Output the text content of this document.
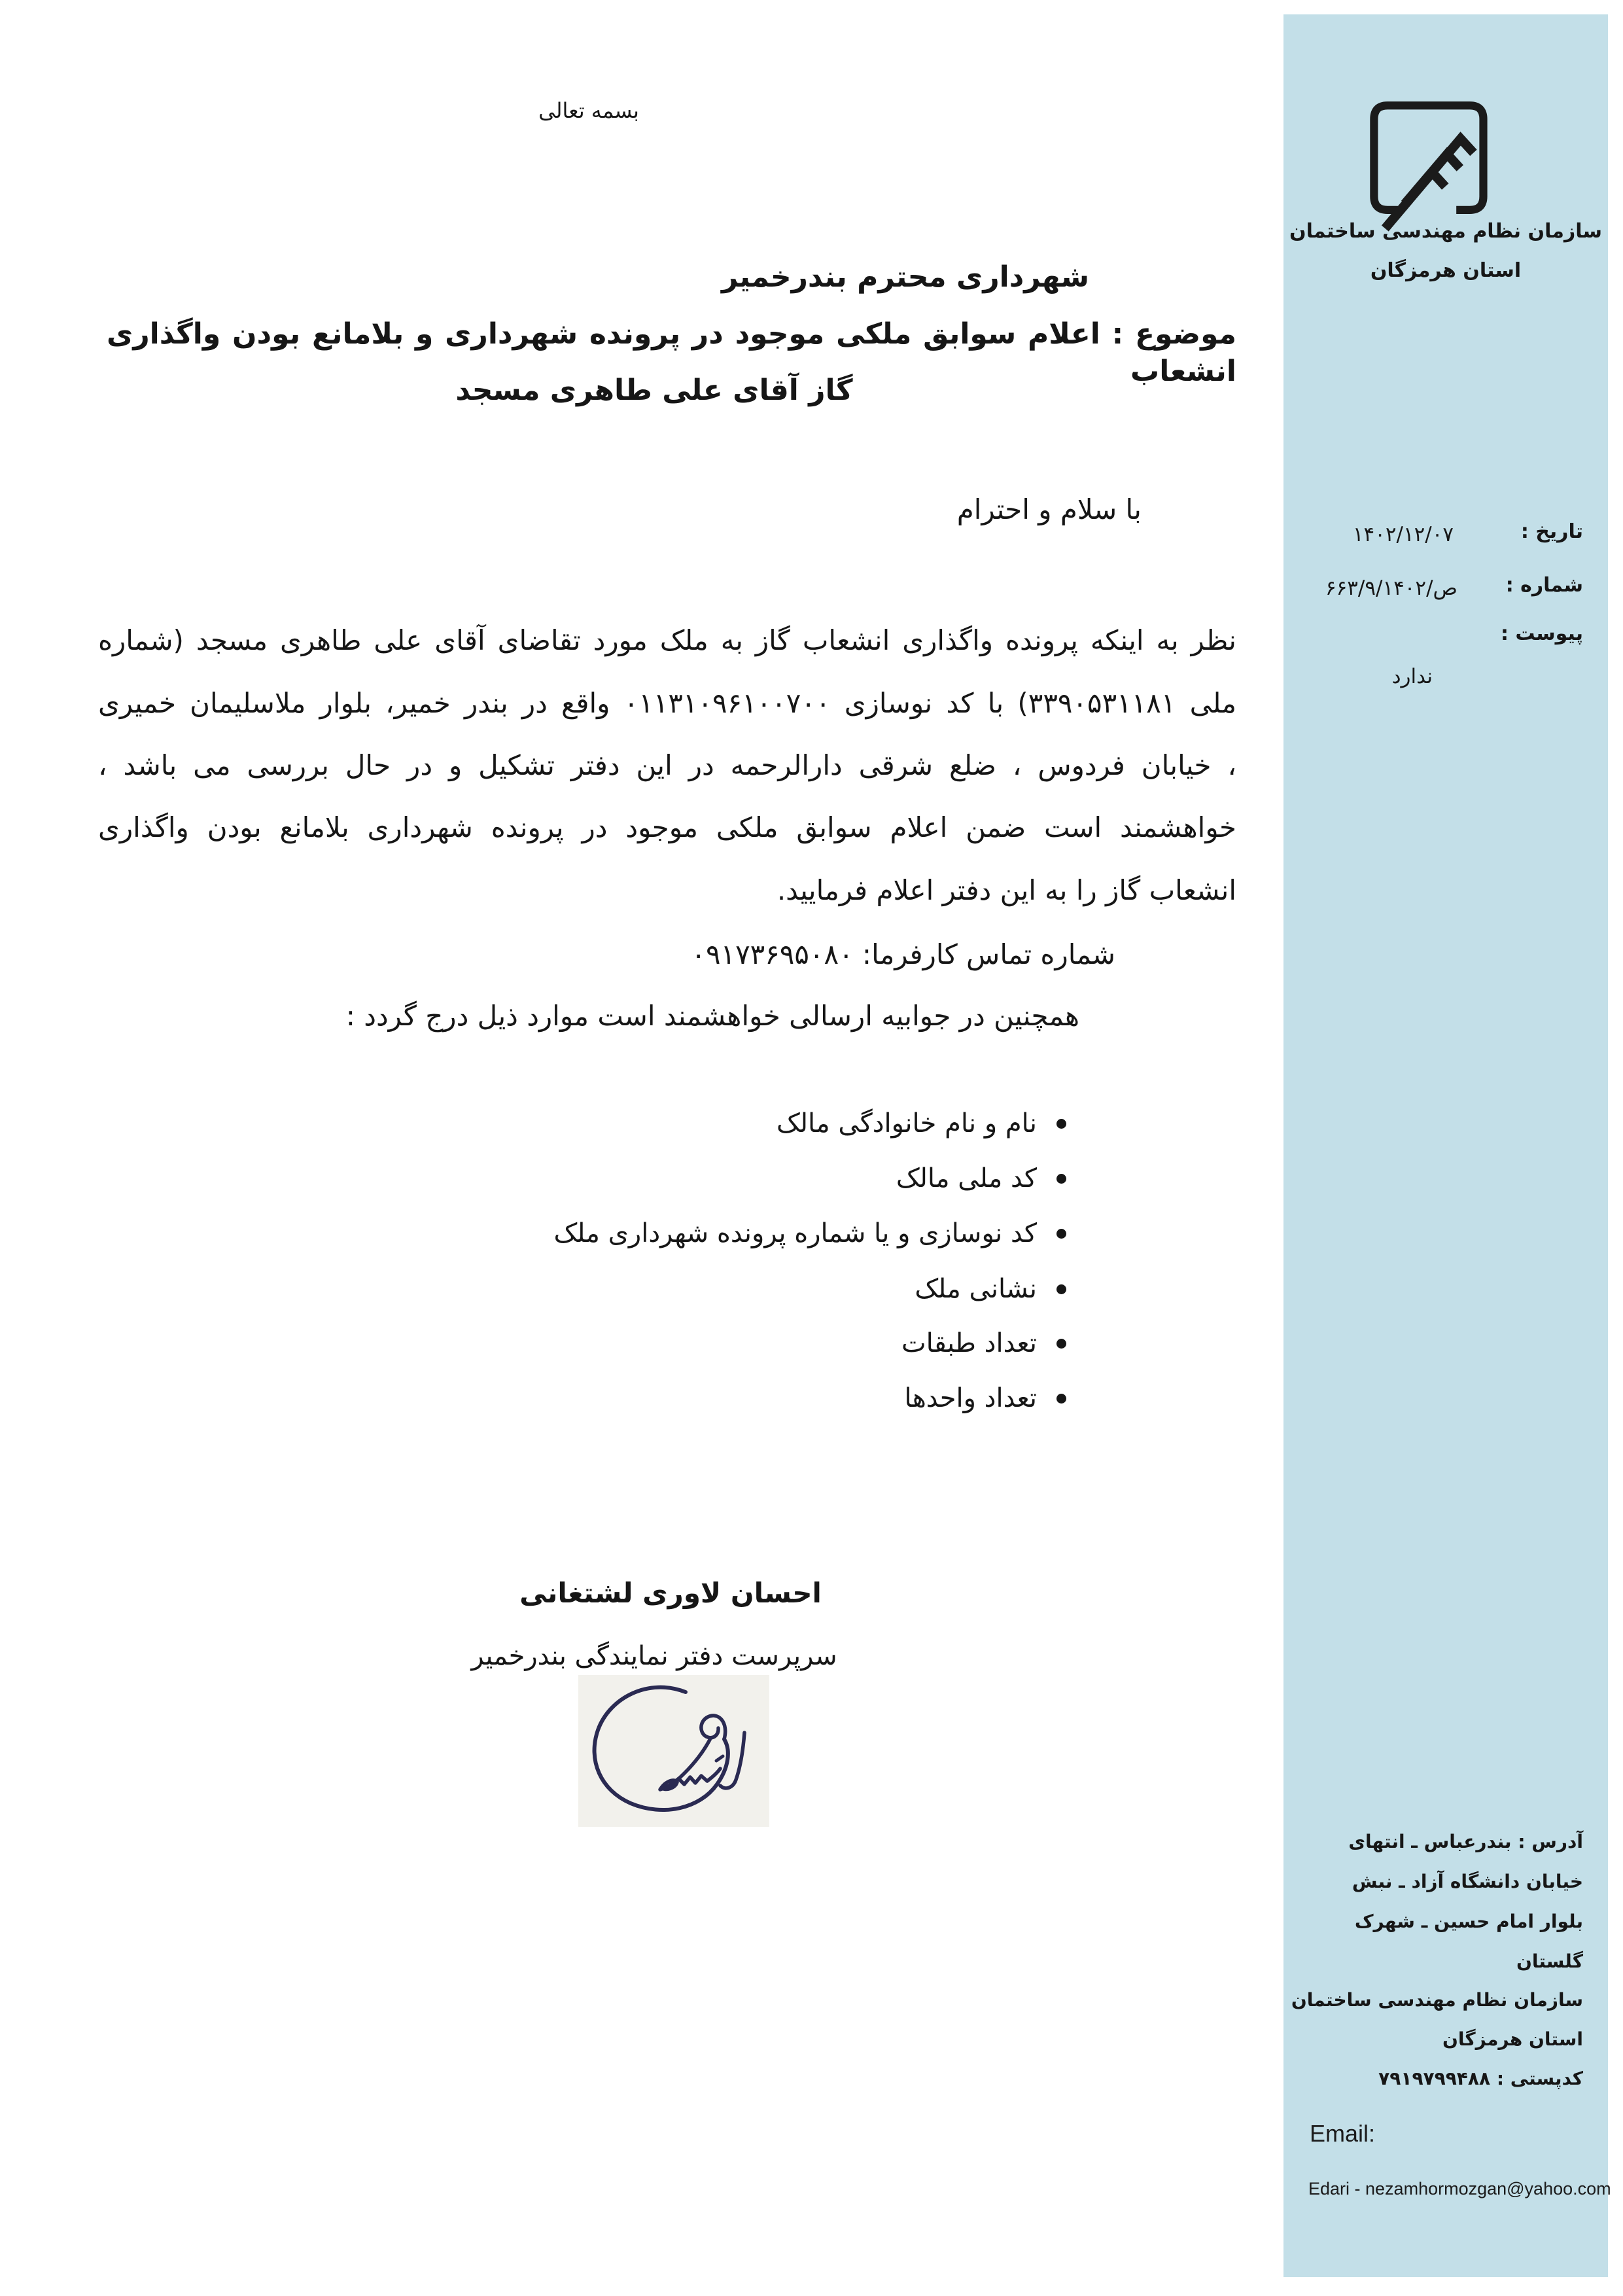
بسمه تعالی
شهرداری محترم بندرخمیر
موضوع : اعلام سوابق ملکی موجود در پرونده شهرداری و بلامانع بودن واگذاری انشعاب
گاز آقای علی طاهری مسجد
با سلام و احترام
نظر به اینکه پرونده واگذاری انشعاب گاز به ملک مورد تقاضای آقای علی طاهری مسجد (شماره
ملی ۳۳۹۰۵۳۱۱۸۱) با کد نوسازی ۰۱۱۳۱۰۹۶۱۰۰۷۰۰ واقع در بندر خمیر، بلوار ملاسلیمان خمیری
، خیابان فردوس ، ضلع شرقی دارالرحمه در این دفتر تشکیل و در حال بررسی می باشد ،
خواهشمند است ضمن اعلام سوابق ملکی موجود در پرونده شهرداری بلامانع بودن واگذاری
انشعاب گاز را به این دفتر اعلام فرمایید.
شماره تماس کارفرما: ۰۹۱۷۳۶۹۵۰۸۰
همچنین در جوابیه ارسالی خواهشمند است موارد ذیل درج گردد :
نام و نام خانوادگی مالک
کد ملی مالک
کد نوسازی و یا شماره پرونده شهرداری ملک
نشانی ملک
تعداد طبقات
تعداد واحدها
احسان لاوری لشتغانی
سرپرست دفتر نمایندگی بندرخمیر
سازمان نظام مهندسی ساختمان
استان هرمزگان
تاریخ :
۱۴۰۲/۱۲/۰۷
شماره :
ص/۶۶۳/۹/۱۴۰۲
پیوست :
ندارد
آدرس : بندرعباس ـ انتهای
خیابان دانشگاه آزاد ـ نبش
بلوار امام حسین ـ شهرک
گلستان
سازمان نظام مهندسی ساختمان
استان هرمزگان
کدپستی : ۷۹۱۹۷۹۹۴۸۸
Email:
Edari - nezamhormozgan@yahoo.com
